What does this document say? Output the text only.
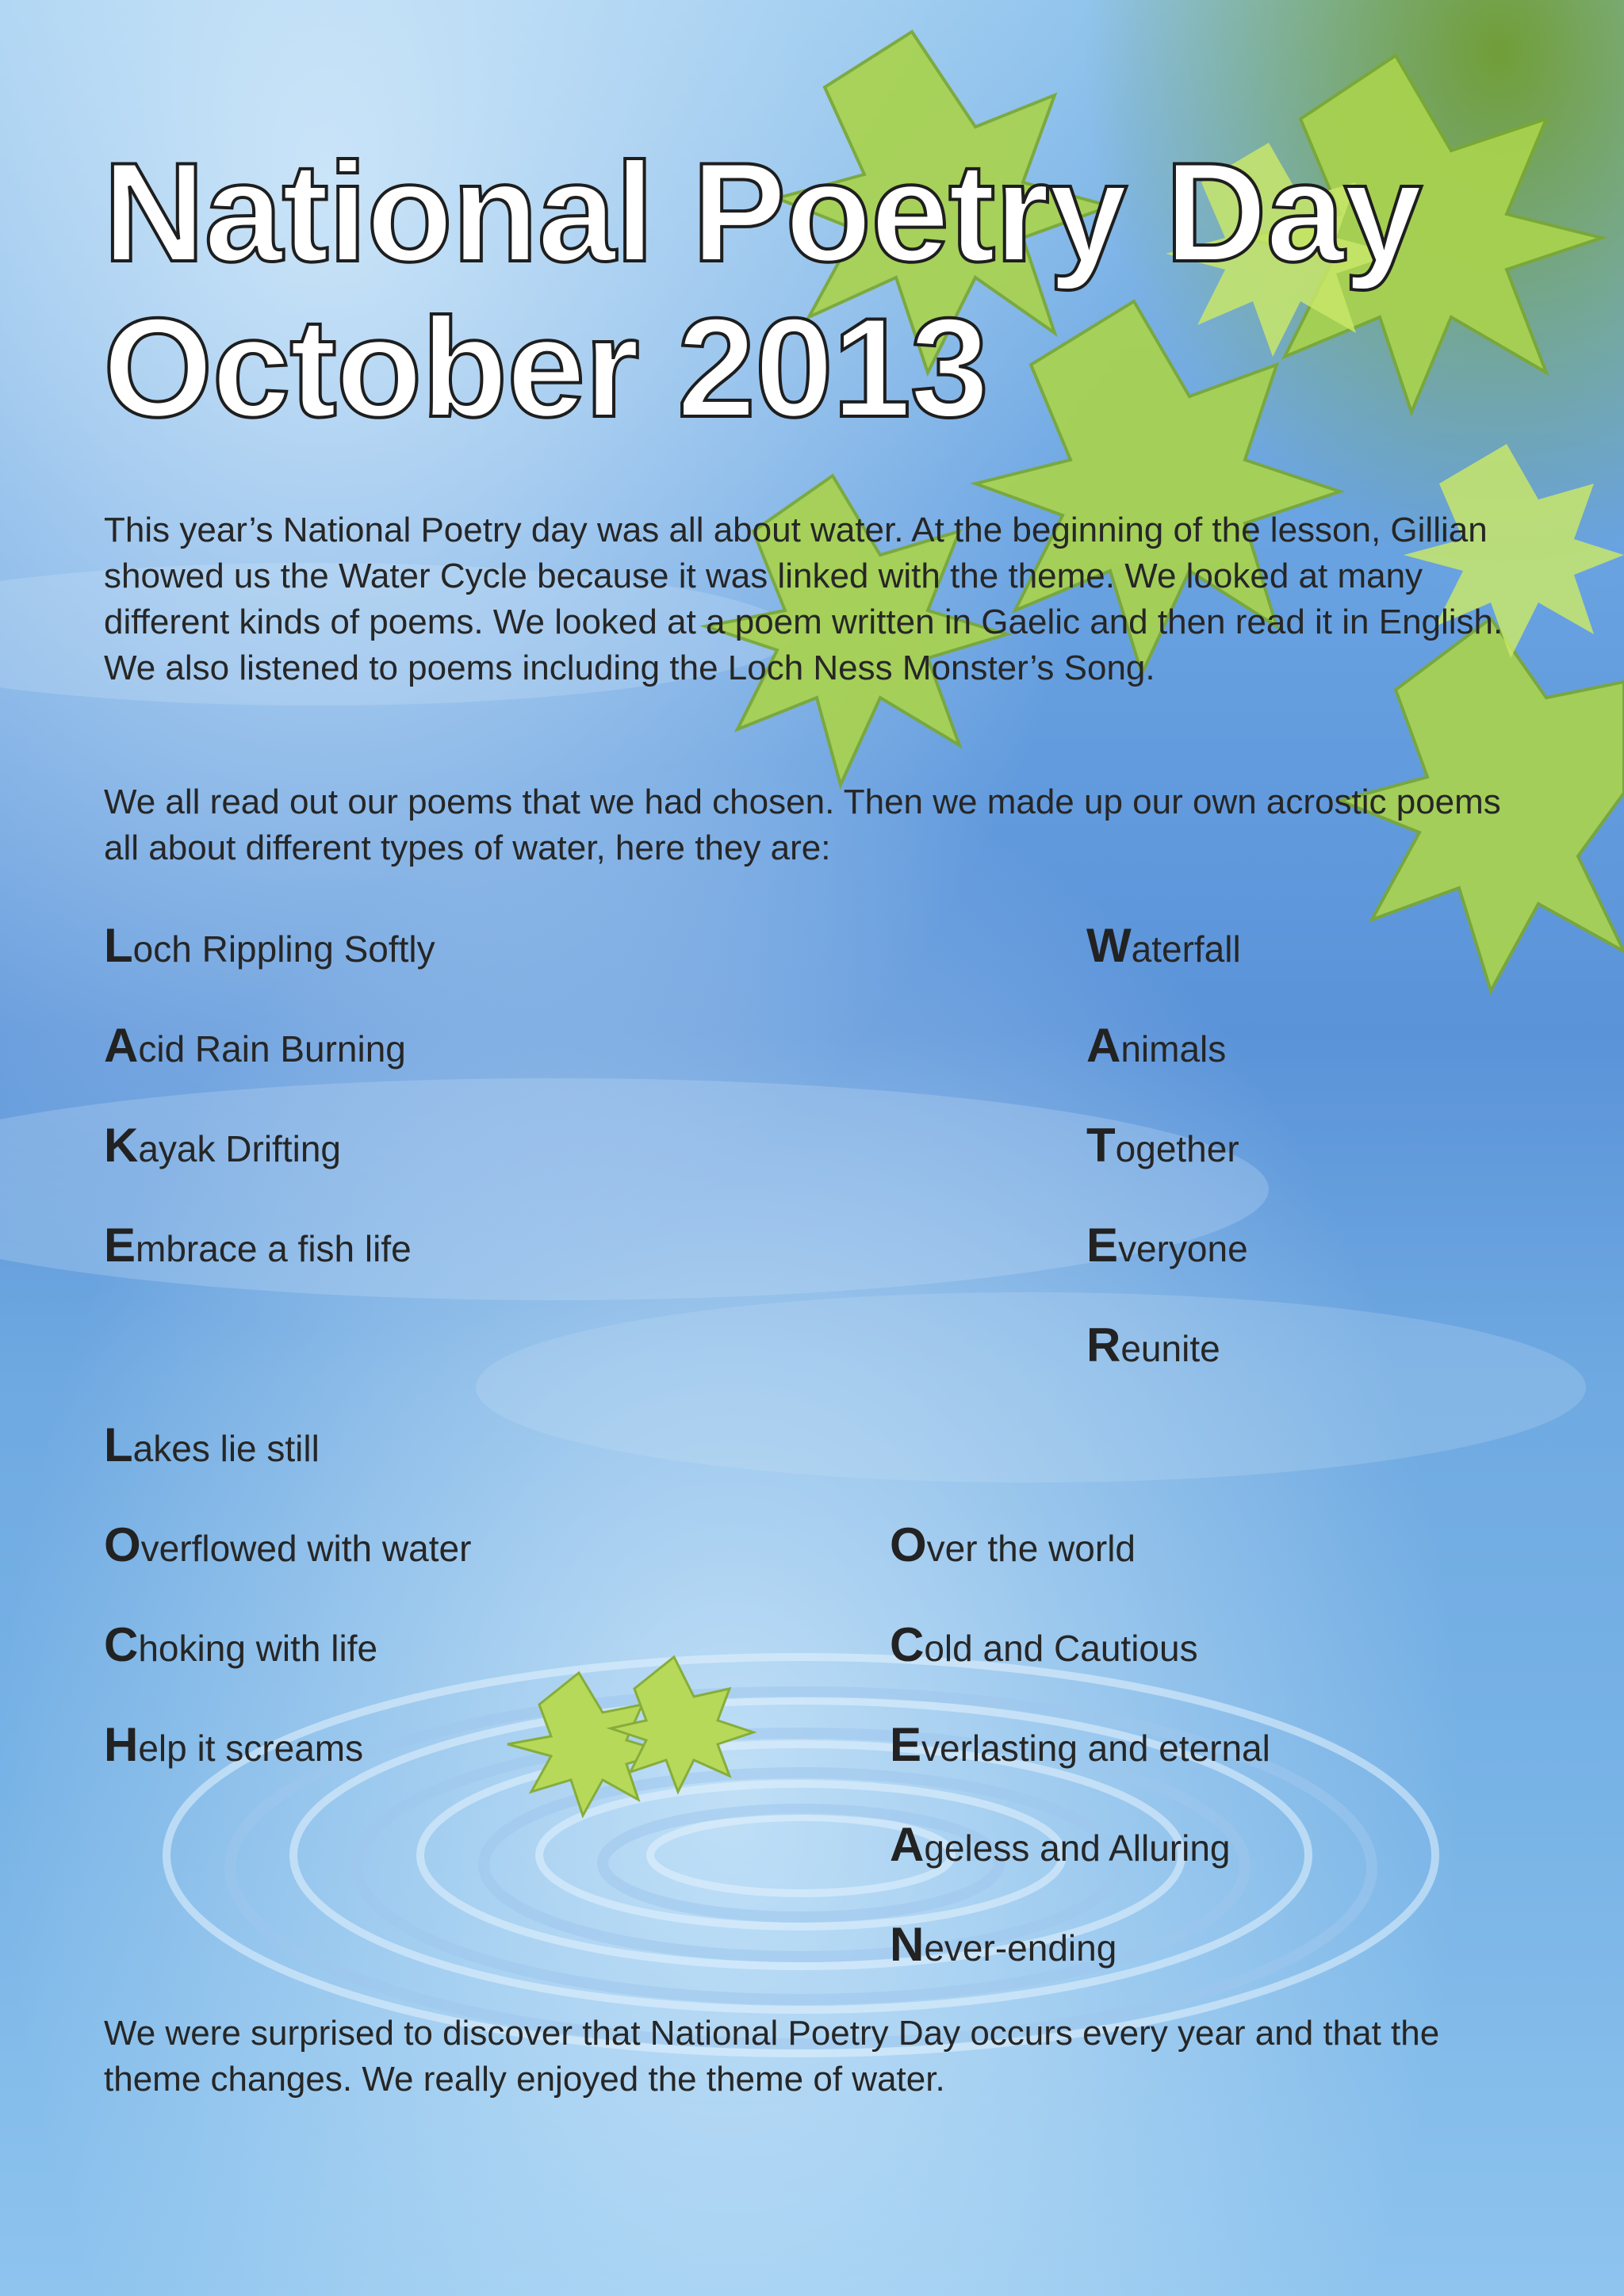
National Poetry Day
October 2013

This year’s National Poetry day was all about water. At the beginning of the lesson, Gillian showed us the Water Cycle because it was linked with the theme. We looked at many different kinds of poems. We looked at a poem written in Gaelic and then read it in English. We also listened to poems including the Loch Ness Monster’s Song.

We all read out our poems that we had chosen. Then we made up our own acrostic poems all about different types of water, here they are:

Loch Rippling Softly
Acid Rain Burning
Kayak Drifting
Embrace a fish life
Waterfall
Animals
Together
Everyone
Reunite
Lakes lie still
Overflowed with water
Choking with life
Help it screams
Over the world
Cold and Cautious
Everlasting and eternal
Ageless and Alluring
Never-ending

We were surprised to discover that National Poetry Day occurs every year and that the theme changes. We really enjoyed the theme of water.
